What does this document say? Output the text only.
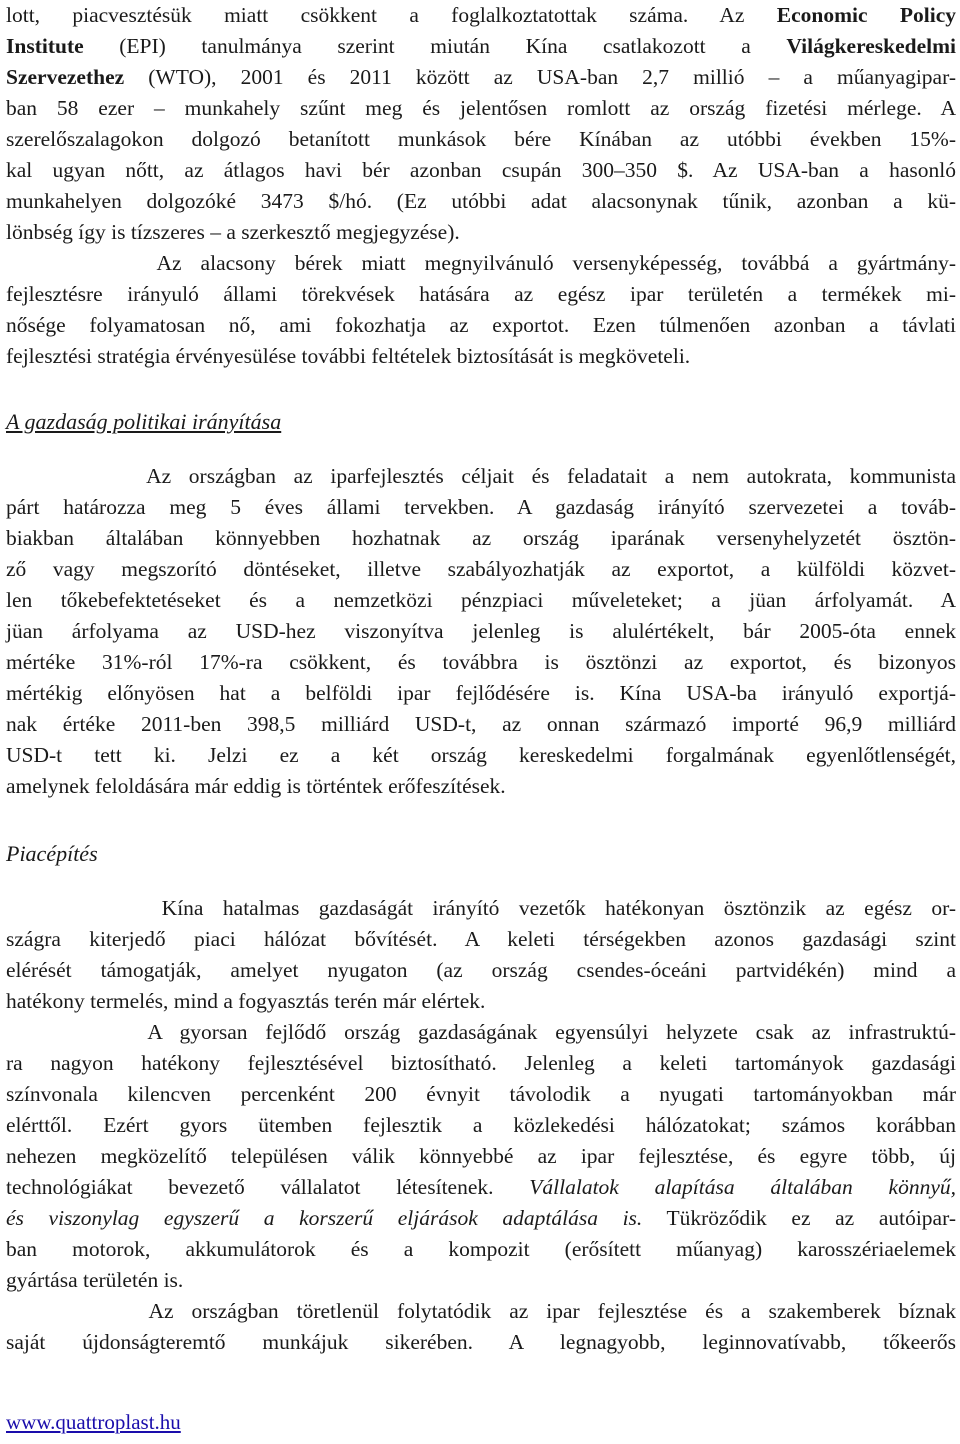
lott, piacvesztésük miatt csökkent a foglalkoztatottak száma. Az Economic Policy
Institute (EPI) tanulmánya szerint miután Kína csatlakozott a Világkereskedelmi
Szervezethez (WTO), 2001 és 2011 között az USA-ban 2,7 millió – a műanyagipar-
ban 58 ezer – munkahely szűnt meg és jelentősen romlott az ország fizetési mérlege. A
szerelőszalagokon dolgozó betanított munkások bére Kínában az utóbbi években 15%-
kal ugyan nőtt, az átlagos havi bér azonban csupán 300–350 $. Az USA-ban a hasonló
munkahelyen dolgozóké 3473 $/hó. (Ez utóbbi adat alacsonynak tűnik, azonban a kü-
lönbség így is tízszeres – a szerkesztő megjegyzése).
Az alacsony bérek miatt megnyilvánuló versenyképesség, továbbá a gyártmány-
fejlesztésre irányuló állami törekvések hatására az egész ipar területén a termékek mi-
nősége folyamatosan nő, ami fokozhatja az exportot. Ezen túlmenően azonban a távlati
fejlesztési stratégia érvényesülése további feltételek biztosítását is megköveteli.
A gazdaság politikai irányítása
Az országban az iparfejlesztés céljait és feladatait a nem autokrata, kommunista
párt határozza meg 5 éves állami tervekben. A gazdaság irányító szervezetei a továb-
biakban általában könnyebben hozhatnak az ország iparának versenyhelyzetét ösztön-
ző vagy megszorító döntéseket, illetve szabályozhatják az exportot, a külföldi közvet-
len tőkebefektetéseket és a nemzetközi pénzpiaci műveleteket; a jüan árfolyamát. A
jüan árfolyama az USD-hez viszonyítva jelenleg is alulértékelt, bár 2005-óta ennek
mértéke 31%-ról 17%-ra csökkent, és továbbra is ösztönzi az exportot, és bizonyos
mértékig előnyösen hat a belföldi ipar fejlődésére is. Kína USA-ba irányuló exportjá-
nak értéke 2011-ben 398,5 milliárd USD-t, az onnan származó importé 96,9 milliárd
USD-t tett ki. Jelzi ez a két ország kereskedelmi forgalmának egyenlőtlenségét,
amelynek feloldására már eddig is történtek erőfeszítések.
Piacépítés
Kína hatalmas gazdaságát irányító vezetők hatékonyan ösztönzik az egész or-
szágra kiterjedő piaci hálózat bővítését. A keleti térségekben azonos gazdasági szint
elérését támogatják, amelyet nyugaton (az ország csendes-óceáni partvidékén) mind a
hatékony termelés, mind a fogyasztás terén már elértek.
A gyorsan fejlődő ország gazdaságának egyensúlyi helyzete csak az infrastruktú-
ra nagyon hatékony fejlesztésével biztosítható. Jelenleg a keleti tartományok gazdasági
színvonala kilencven percenként 200 évnyit távolodik a nyugati tartományokban már
elérttől. Ezért gyors ütemben fejlesztik a közlekedési hálózatokat; számos korábban
nehezen megközelítő településen válik könnyebbé az ipar fejlesztése, és egyre több, új
technológiákat bevezető vállalatot létesítenek. Vállalatok alapítása általában könnyű,
és viszonylag egyszerű a korszerű eljárások adaptálása is. Tükröződik ez az autóipar-
ban motorok, akkumulátorok és a kompozit (erősített műanyag) karosszériaelemek
gyártása területén is.
Az országban töretlenül folytatódik az ipar fejlesztése és a szakemberek bíznak
saját újdonságteremtő munkájuk sikerében. A legnagyobb, leginnovatívabb, tőkeerős
www.quattroplast.hu
